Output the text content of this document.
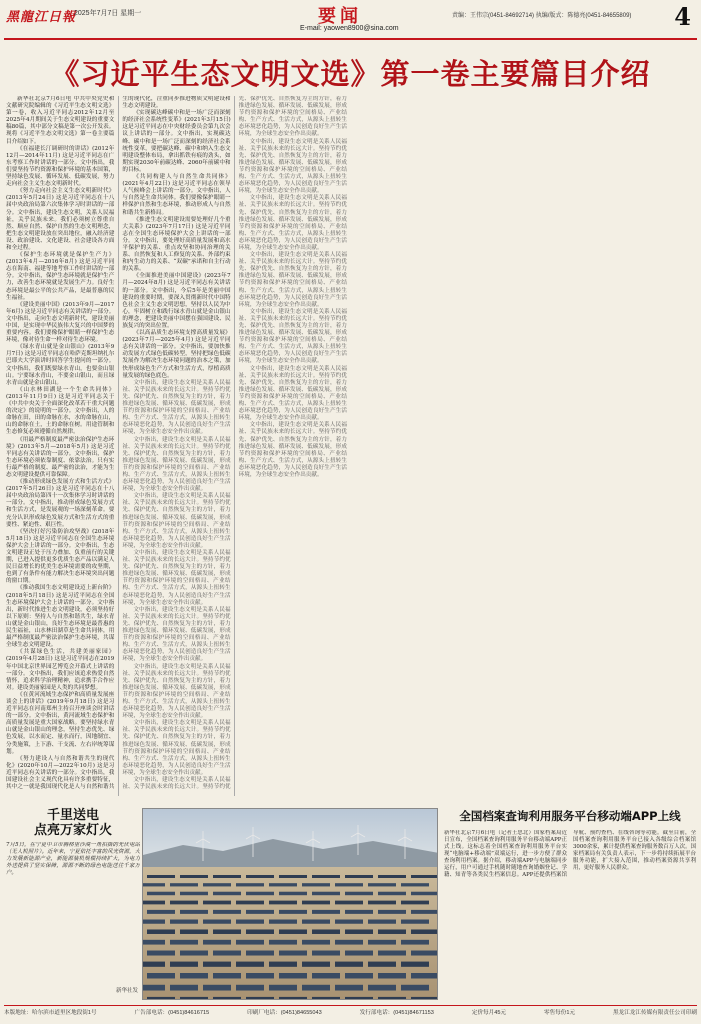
黑龍江日報
2025年7月7日 星期一	要闻
E-mail: yaowen8900@sina.com
责编：王伟宗(0451-84692714) 执编/版式：陈德亮(0451-84655809) 4
《习近平生态文明文选》第一卷主要篇目介绍

新华社北京7月6日电 中共中央党史和文献研究院编辑的《习近平生态文明文选》第一卷，收入习近平同志2012年12月至2025年4月期间关于生态文明建设的重要文稿80篇，其中部分文稿是第一次公开发表。现将《习近平生态文明文选》第一卷主要篇目介绍如下。

《在福建长汀调研时的讲话》(2012年12月—2014年11月) 这是习近平同志在广东考察工作时讲话的一部分。文中指出，我们要坚持节约资源和保护环境的基本国策，坚持绿色发展、循环发展、低碳发展，努力走向社会主义生态文明新时代。

《努力走向社会主义生态文明新时代》(2013年5月24日) 这是习近平同志在十八届中央政治局第六次集体学习时讲话的一部分。文中指出，建设生态文明，关系人民福祉，关乎民族未来。我们必须树立尊重自然、顺应自然、保护自然的生态文明理念，把生态文明建设放在突出地位，融入经济建设、政治建设、文化建设、社会建设各方面和全过程。

《保护生态环境就是保护生产力》(2013年4月—2016年8月) 这是习近平同志在海南、福建等地考察工作时讲话的一部分。文中指出，保护生态环境就是保护生产力，改善生态环境就是发展生产力。良好生态环境是最公平的公共产品，是最普惠的民生福祉。

《建设美丽中国》(2013年9月—2017年6月) 这是习近平同志有关讲话的一部分。文中指出，走向生态文明新时代，建设美丽中国，是实现中华民族伟大复兴的中国梦的重要内容。我们要像保护眼睛一样保护生态环境，像对待生命一样对待生态环境。

《绿水青山就是金山银山》(2013年9月7日) 这是习近平同志在哈萨克斯坦纳扎尔巴耶夫大学演讲时回答学生提问的一部分。文中指出，我们既要绿水青山，也要金山银山。宁要绿水青山，不要金山银山，而且绿水青山就是金山银山。

《山水林田湖是一个生命共同体》(2013年11月9日) 这是习近平同志关于《中共中央关于全面深化改革若干重大问题的决定》的说明的一部分。文中指出，人的命脉在田，田的命脉在水，水的命脉在山，山的命脉在土，土的命脉在树。用途管制和生态修复必须遵循自然规律。

《用最严格制度最严密法治保护生态环境》(2013年5月—2018年5月) 这是习近平同志有关讲话的一部分。文中指出，保护生态环境必须依靠制度、依靠法治。只有实行最严格的制度、最严密的法治，才能为生态文明建设提供可靠保障。

《推动形成绿色发展方式和生活方式》(2017年5月26日) 这是习近平同志在十八届中央政治局第四十一次集体学习时讲话的一部分。文中指出，推动形成绿色发展方式和生活方式，是发展观的一场深刻革命。要充分认识形成绿色发展方式和生活方式的重要性、紧迫性、艰巨性。

《坚决打好污染防治攻坚战》(2018年5月18日) 这是习近平同志在全国生态环境保护大会上讲话的一部分。文中指出，生态文明建设正处于压力叠加、负重前行的关键期，已进入提供更多优质生态产品以满足人民日益增长的优美生态环境需要的攻坚期，也到了有条件有能力解决生态环境突出问题的窗口期。

《推动我国生态文明建设迈上新台阶》(2018年5月18日) 这是习近平同志在全国生态环境保护大会上讲话的一部分。文中指出，新时代推进生态文明建设，必须坚持好以下原则：坚持人与自然和谐共生，绿水青山就是金山银山，良好生态环境是最普惠的民生福祉，山水林田湖草是生命共同体，用最严格制度最严密法治保护生态环境，共谋全球生态文明建设。

《共谋绿色生活，共建美丽家园》(2019年4月28日) 这是习近平同志在2019年中国北京世界园艺博览会开幕式上讲话的一部分。文中指出，我们应该追求热爱自然情怀，追求科学治理精神，追求携手合作应对。建设美丽家园是人类的共同梦想。

《在黄河流域生态保护和高质量发展座谈会上的讲话》(2019年9月18日) 这是习近平同志在河南郑州主持召开座谈会时讲话的一部分。文中指出，黄河流域生态保护和高质量发展是重大国家战略。要坚持绿水青山就是金山银山的理念，坚持生态优先、绿色发展，以水而定、量水而行，因地制宜、分类施策，上下游、干支流、左右岸统筹谋划。

《努力建设人与自然和谐共生的现代化》(2020年10月—2022年10月) 这是习近平同志有关讲话的一部分。文中指出，我国建设社会主义现代化具有许多重要特征，其中之一就是我国现代化是人与自然和谐共生的现代化，注重同步推进物质文明建设和生态文明建设。

《实现碳达峰碳中和是一场广泛而深刻的经济社会系统性变革》(2021年3月15日) 这是习近平同志在中央财经委员会第九次会议上讲话的一部分。文中指出，实现碳达峰、碳中和是一场广泛而深刻的经济社会系统性变革，要把碳达峰、碳中和纳入生态文明建设整体布局，拿出抓铁有痕的劲头，如期实现2030年前碳达峰、2060年前碳中和的目标。

《共同构建人与自然生命共同体》(2021年4月22日) 这是习近平同志在领导人气候峰会上讲话的一部分。文中指出，人与自然是生命共同体。我们要像保护眼睛一样保护自然和生态环境，推动形成人与自然和谐共生新格局。

《推进生态文明建设需要处理好几个重大关系》(2023年7月17日) 这是习近平同志在全国生态环境保护大会上讲话的一部分。文中指出，要处理好高质量发展和高水平保护的关系、重点攻坚和协同治理的关系、自然恢复和人工修复的关系、外部约束和内生动力的关系、“双碳”承诺和自主行动的关系。

《全面推进美丽中国建设》(2023年7月—2024年8月) 这是习近平同志有关讲话的一部分。文中指出，今后5年是美丽中国建设的重要时期，要深入贯彻新时代中国特色社会主义生态文明思想，坚持以人民为中心，牢固树立和践行绿水青山就是金山银山的理念，把建设美丽中国摆在强国建设、民族复兴的突出位置。

《以高品质生态环境支撑高质量发展》(2023年7月—2025年4月) 这是习近平同志有关讲话的一部分。文中指出，要加快推动发展方式绿色低碳转型，坚持把绿色低碳发展作为解决生态环境问题的治本之策，加快形成绿色生产方式和生活方式，厚植高质量发展的绿色底色。

文中指出，建设生态文明是关系人民福祉、关乎民族未来的长远大计。坚持节约优先、保护优先、自然恢复为主的方针，着力推进绿色发展、循环发展、低碳发展，形成节约资源和保护环境的空间格局、产业结构、生产方式、生活方式，从源头上扭转生态环境恶化趋势，为人民创造良好生产生活环境，为全球生态安全作出贡献。

文中指出，建设生态文明是关系人民福祉、关乎民族未来的长远大计。坚持节约优先、保护优先、自然恢复为主的方针，着力推进绿色发展、循环发展、低碳发展，形成节约资源和保护环境的空间格局、产业结构、生产方式、生活方式，从源头上扭转生态环境恶化趋势，为人民创造良好生产生活环境，为全球生态安全作出贡献。

文中指出，建设生态文明是关系人民福祉、关乎民族未来的长远大计。坚持节约优先、保护优先、自然恢复为主的方针，着力推进绿色发展、循环发展、低碳发展，形成节约资源和保护环境的空间格局、产业结构、生产方式、生活方式，从源头上扭转生态环境恶化趋势，为人民创造良好生产生活环境，为全球生态安全作出贡献。

文中指出，建设生态文明是关系人民福祉、关乎民族未来的长远大计。坚持节约优先、保护优先、自然恢复为主的方针，着力推进绿色发展、循环发展、低碳发展，形成节约资源和保护环境的空间格局、产业结构、生产方式、生活方式，从源头上扭转生态环境恶化趋势，为人民创造良好生产生活环境，为全球生态安全作出贡献。

文中指出，建设生态文明是关系人民福祉、关乎民族未来的长远大计。坚持节约优先、保护优先、自然恢复为主的方针，着力推进绿色发展、循环发展、低碳发展，形成节约资源和保护环境的空间格局、产业结构、生产方式、生活方式，从源头上扭转生态环境恶化趋势，为人民创造良好生产生活环境，为全球生态安全作出贡献。

文中指出，建设生态文明是关系人民福祉、关乎民族未来的长远大计。坚持节约优先、保护优先、自然恢复为主的方针，着力推进绿色发展、循环发展、低碳发展，形成节约资源和保护环境的空间格局、产业结构、生产方式、生活方式，从源头上扭转生态环境恶化趋势，为人民创造良好生产生活环境，为全球生态安全作出贡献。

文中指出，建设生态文明是关系人民福祉、关乎民族未来的长远大计。坚持节约优先、保护优先、自然恢复为主的方针，着力推进绿色发展、循环发展、低碳发展，形成节约资源和保护环境的空间格局、产业结构、生产方式、生活方式，从源头上扭转生态环境恶化趋势，为人民创造良好生产生活环境，为全球生态安全作出贡献。

文中指出，建设生态文明是关系人民福祉、关乎民族未来的长远大计。坚持节约优先、保护优先、自然恢复为主的方针，着力推进绿色发展、循环发展、低碳发展，形成节约资源和保护环境的空间格局、产业结构、生产方式、生活方式，从源头上扭转生态环境恶化趋势，为人民创造良好生产生活环境，为全球生态安全作出贡献。

文中指出，建设生态文明是关系人民福祉、关乎民族未来的长远大计。坚持节约优先、保护优先、自然恢复为主的方针，着力推进绿色发展、循环发展、低碳发展，形成节约资源和保护环境的空间格局、产业结构、生产方式、生活方式，从源头上扭转生态环境恶化趋势，为人民创造良好生产生活环境，为全球生态安全作出贡献。

文中指出，建设生态文明是关系人民福祉、关乎民族未来的长远大计。坚持节约优先、保护优先、自然恢复为主的方针，着力推进绿色发展、循环发展、低碳发展，形成节约资源和保护环境的空间格局、产业结构、生产方式、生活方式，从源头上扭转生态环境恶化趋势，为人民创造良好生产生活环境，为全球生态安全作出贡献。

文中指出，建设生态文明是关系人民福祉、关乎民族未来的长远大计。坚持节约优先、保护优先、自然恢复为主的方针，着力推进绿色发展、循环发展、低碳发展，形成节约资源和保护环境的空间格局、产业结构、生产方式、生活方式，从源头上扭转生态环境恶化趋势，为人民创造良好生产生活环境，为全球生态安全作出贡献。

文中指出，建设生态文明是关系人民福祉、关乎民族未来的长远大计。坚持节约优先、保护优先、自然恢复为主的方针，着力推进绿色发展、循环发展、低碳发展，形成节约资源和保护环境的空间格局、产业结构、生产方式、生活方式，从源头上扭转生态环境恶化趋势，为人民创造良好生产生活环境，为全球生态安全作出贡献。

文中指出，建设生态文明是关系人民福祉、关乎民族未来的长远大计。坚持节约优先、保护优先、自然恢复为主的方针，着力推进绿色发展、循环发展、低碳发展，形成节约资源和保护环境的空间格局、产业结构、生产方式、生活方式，从源头上扭转生态环境恶化趋势，为人民创造良好生产生活环境，为全球生态安全作出贡献。

文中指出，建设生态文明是关系人民福祉、关乎民族未来的长远大计。坚持节约优先、保护优先、自然恢复为主的方针，着力推进绿色发展、循环发展、低碳发展，形成节约资源和保护环境的空间格局、产业结构、生产方式、生活方式，从源头上扭转生态环境恶化趋势，为人民创造良好生产生活环境，为全球生态安全作出贡献。

千里送电
点亮万家灯火
7月5日，在宁夏中卫市腾格里沙漠一角拍摄的光伏电站（无人机照片）。近年来，宁夏依托丰富的风光资源，大力发展新能源产业，新能源装机规模持续扩大，为电力外送提供了坚实保障，源源不断的绿色电能送往千家万户。
新华社发
全国档案查询利用服务平台移动端APP上线
新华社北京7月6日电（记者王思北）国家档案局近日宣布，全国档案查询利用服务平台移动端APP正式上线。这标志着全国档案查询利用服务平台实现“电脑端+移动端”双端运行，进一步方便了群众查询利用档案。据介绍，移动端APP与电脑端同步运行，用户可通过手机随时随地查询婚姻登记、学籍、知青等各类民生档案信息。APP还提供档案馆导航、预约查档、在线咨询等功能。截至目前，全国档案查询利用服务平台已接入各级综合档案馆3000余家，累计提供档案查询服务数百万人次。国家档案局有关负责人表示，下一步将持续拓展平台服务功能，扩大接入范围，推动档案资源共享利用，更好服务人民群众。
本版地址：哈尔滨市道里区地段街1号	广告部电话：(0451)84616715	印刷厂电话：(0451)84655043	发行部电话：(0451)84671153	定价每月45元	零售每份1元	黑龙江龙江传媒有限责任公司印刷
